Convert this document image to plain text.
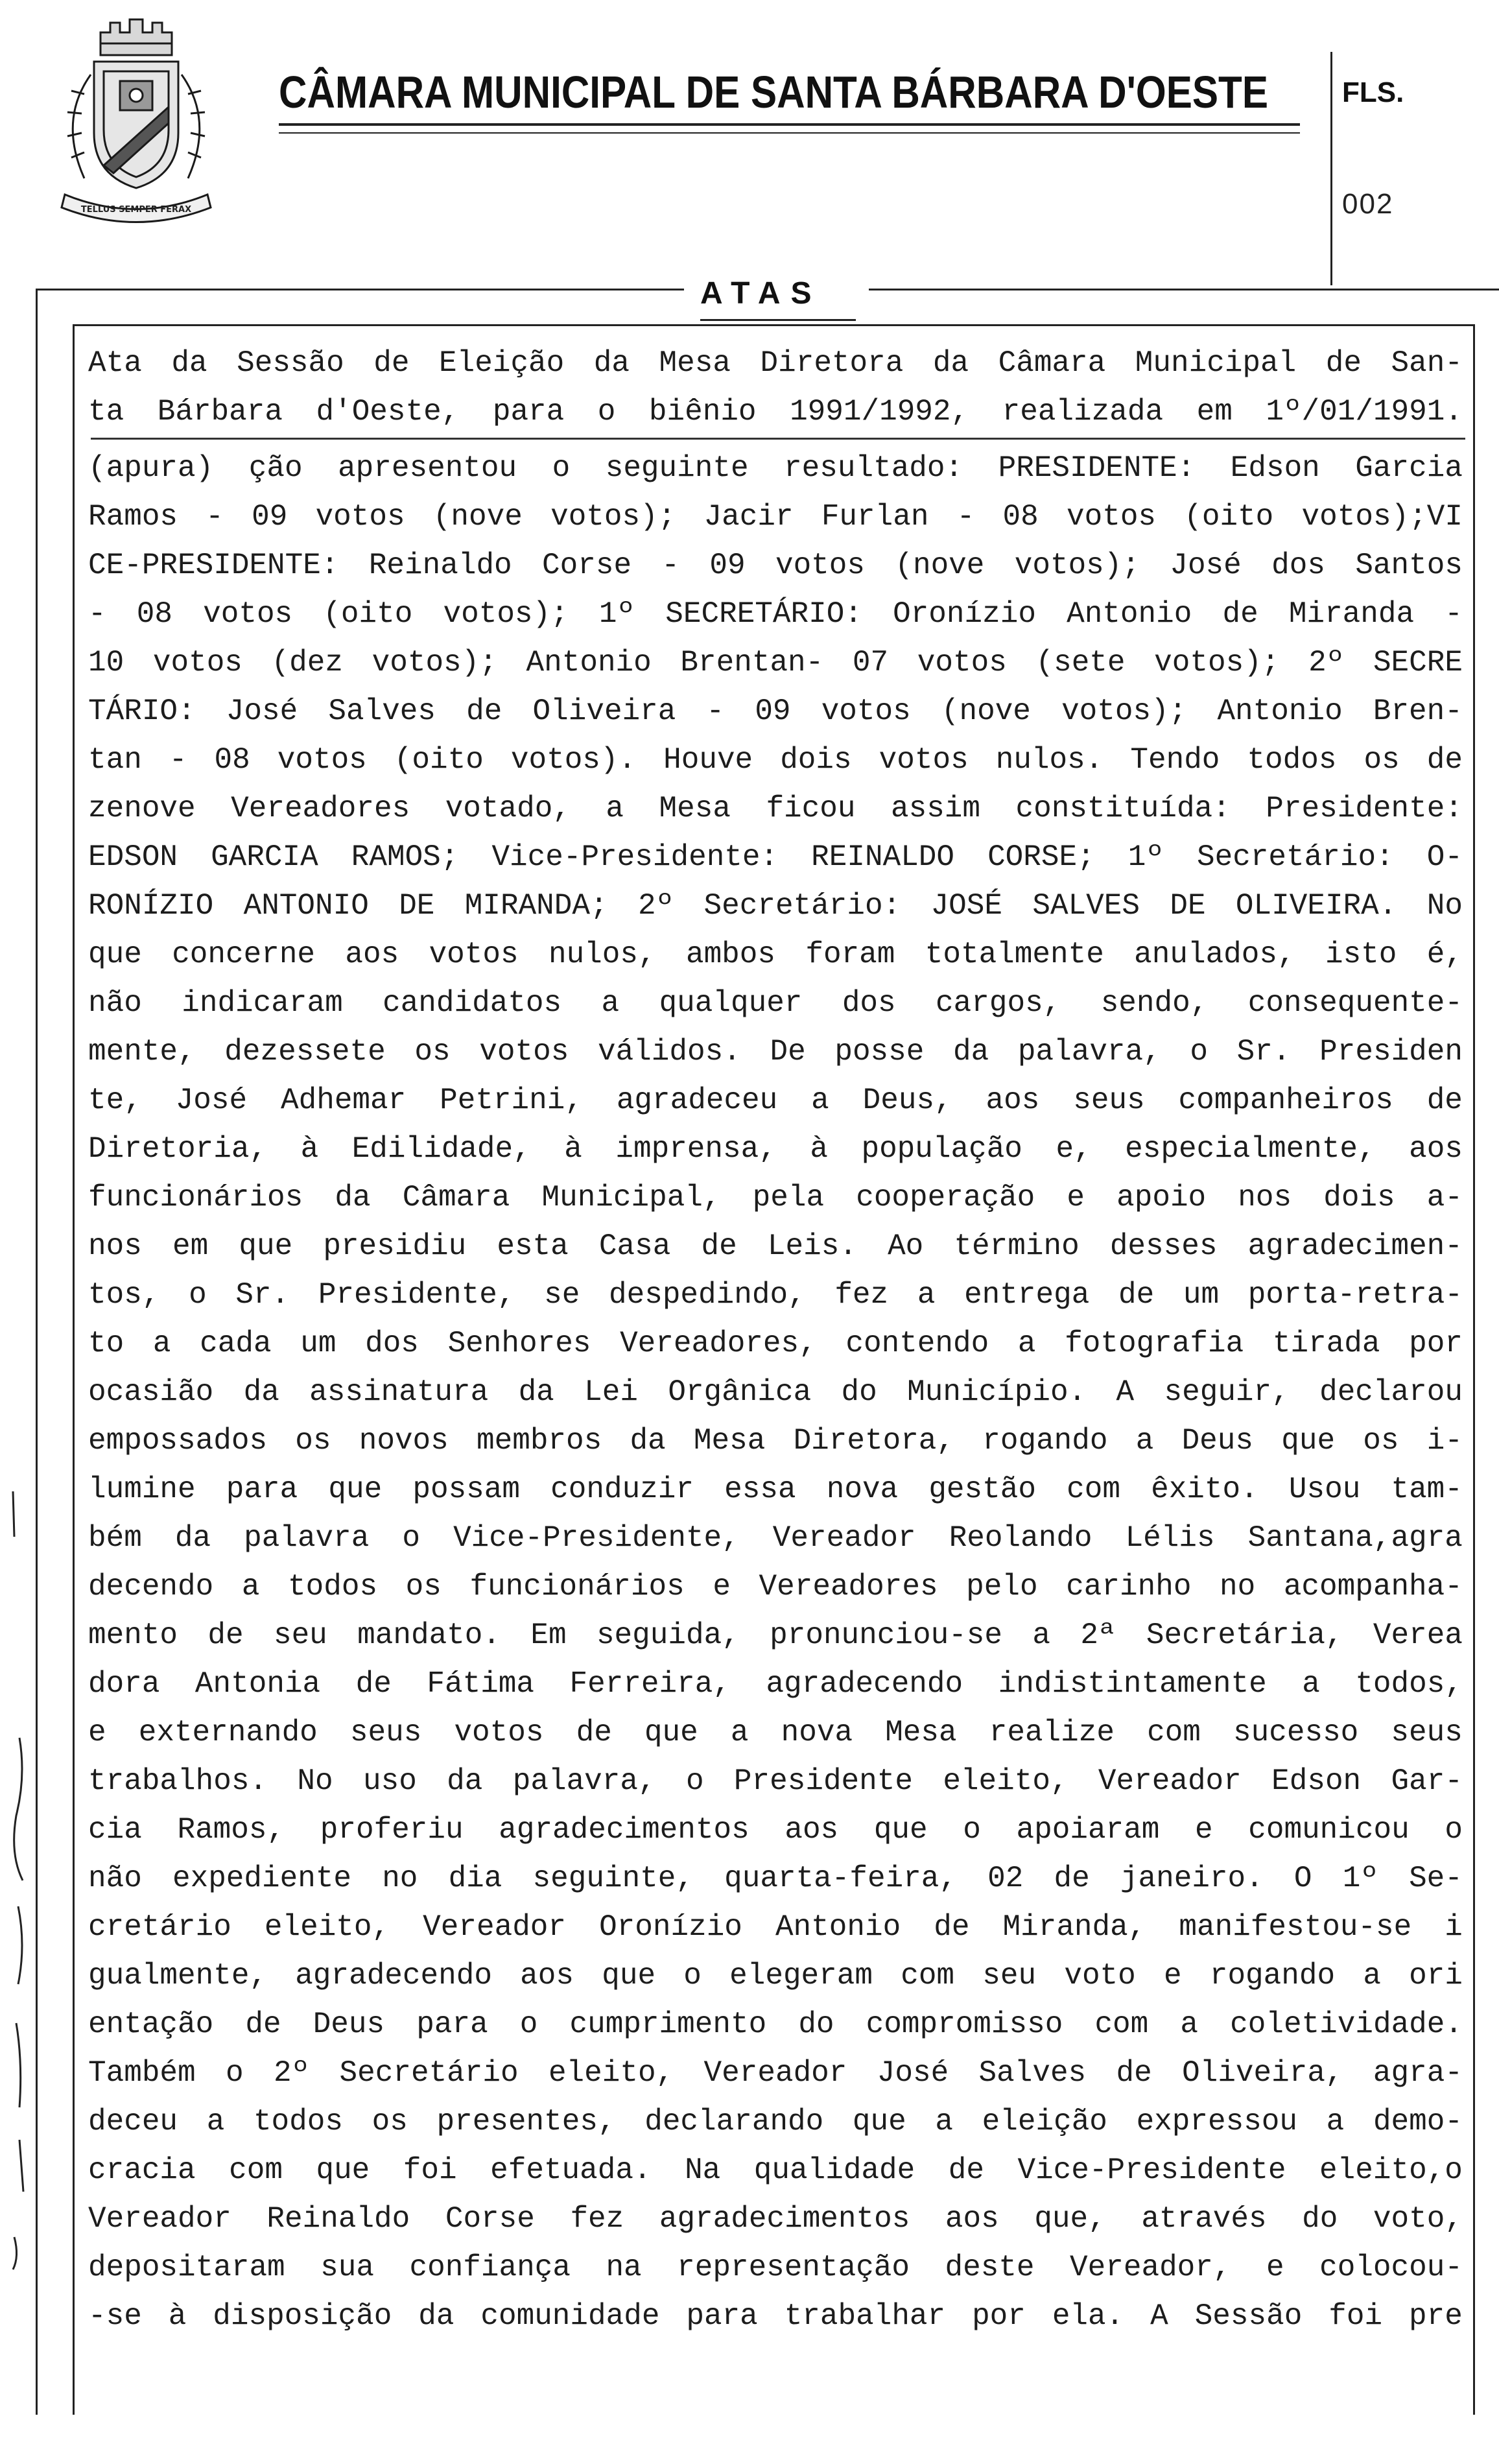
TELLUS SEMPER FERAX
CÂMARA MUNICIPAL DE SANTA BÁRBARA D'OESTE	FLS.
002
ATAS
Ata da Sessão de Eleição da Mesa Diretora da Câmara Municipal de San-
ta Bárbara d'Oeste, para o biênio 1991/1992, realizada em 1º/01/1991.
(apura) ção apresentou o seguinte resultado: PRESIDENTE: Edson Garcia
Ramos - 09 votos (nove votos); Jacir Furlan - 08 votos (oito votos);VI
CE-PRESIDENTE: Reinaldo Corse - 09 votos (nove votos); José dos Santos
- 08 votos (oito votos); 1º SECRETÁRIO: Oronízio Antonio de Miranda -
10 votos (dez votos); Antonio Brentan- 07 votos (sete votos); 2º SECRE
TÁRIO: José Salves de Oliveira - 09 votos (nove votos); Antonio Bren-
tan - 08 votos (oito votos). Houve dois votos nulos. Tendo todos os de
zenove Vereadores votado, a Mesa ficou assim constituída: Presidente:
EDSON GARCIA RAMOS; Vice-Presidente: REINALDO CORSE; 1º Secretário: O-
RONÍZIO ANTONIO DE MIRANDA; 2º Secretário: JOSÉ SALVES DE OLIVEIRA. No
que concerne aos votos nulos, ambos foram totalmente anulados, isto é,
não indicaram candidatos a qualquer dos cargos, sendo, consequente-
mente, dezessete os votos válidos. De posse da palavra, o Sr. Presiden
te, José Adhemar Petrini, agradeceu a Deus, aos seus companheiros de
Diretoria, à Edilidade, à imprensa, à população e, especialmente, aos
funcionários da Câmara Municipal, pela cooperação e apoio nos dois a-
nos em que presidiu esta Casa de Leis. Ao término desses agradecimen-
tos, o Sr. Presidente, se despedindo, fez a entrega de um porta-retra-
to a cada um dos Senhores Vereadores, contendo a fotografia tirada por
ocasião da assinatura da Lei Orgânica do Município. A seguir, declarou
empossados os novos membros da Mesa Diretora, rogando a Deus que os i-
lumine para que possam conduzir essa nova gestão com êxito. Usou tam-
bém da palavra o Vice-Presidente, Vereador Reolando Lélis Santana,agra
decendo a todos os funcionários e Vereadores pelo carinho no acompanha-
mento de seu mandato. Em seguida, pronunciou-se a 2ª Secretária, Verea
dora Antonia de Fátima Ferreira, agradecendo indistintamente a todos,
e externando seus votos de que a nova Mesa realize com sucesso seus
trabalhos. No uso da palavra, o Presidente eleito, Vereador Edson Gar-
cia Ramos, proferiu agradecimentos aos que o apoiaram e comunicou o
não expediente no dia seguinte, quarta-feira, 02 de janeiro. O 1º Se-
cretário eleito, Vereador Oronízio Antonio de Miranda, manifestou-se i
gualmente, agradecendo aos que o elegeram com seu voto e rogando a ori
entação de Deus para o cumprimento do compromisso com a coletividade.
Também o 2º Secretário eleito, Vereador José Salves de Oliveira, agra-
deceu a todos os presentes, declarando que a eleição expressou a demo-
cracia com que foi efetuada. Na qualidade de Vice-Presidente eleito,o
Vereador Reinaldo Corse fez agradecimentos aos que, através do voto,
depositaram sua confiança na representação deste Vereador, e colocou-
-se à disposição da comunidade para trabalhar por ela. A Sessão foi pre
